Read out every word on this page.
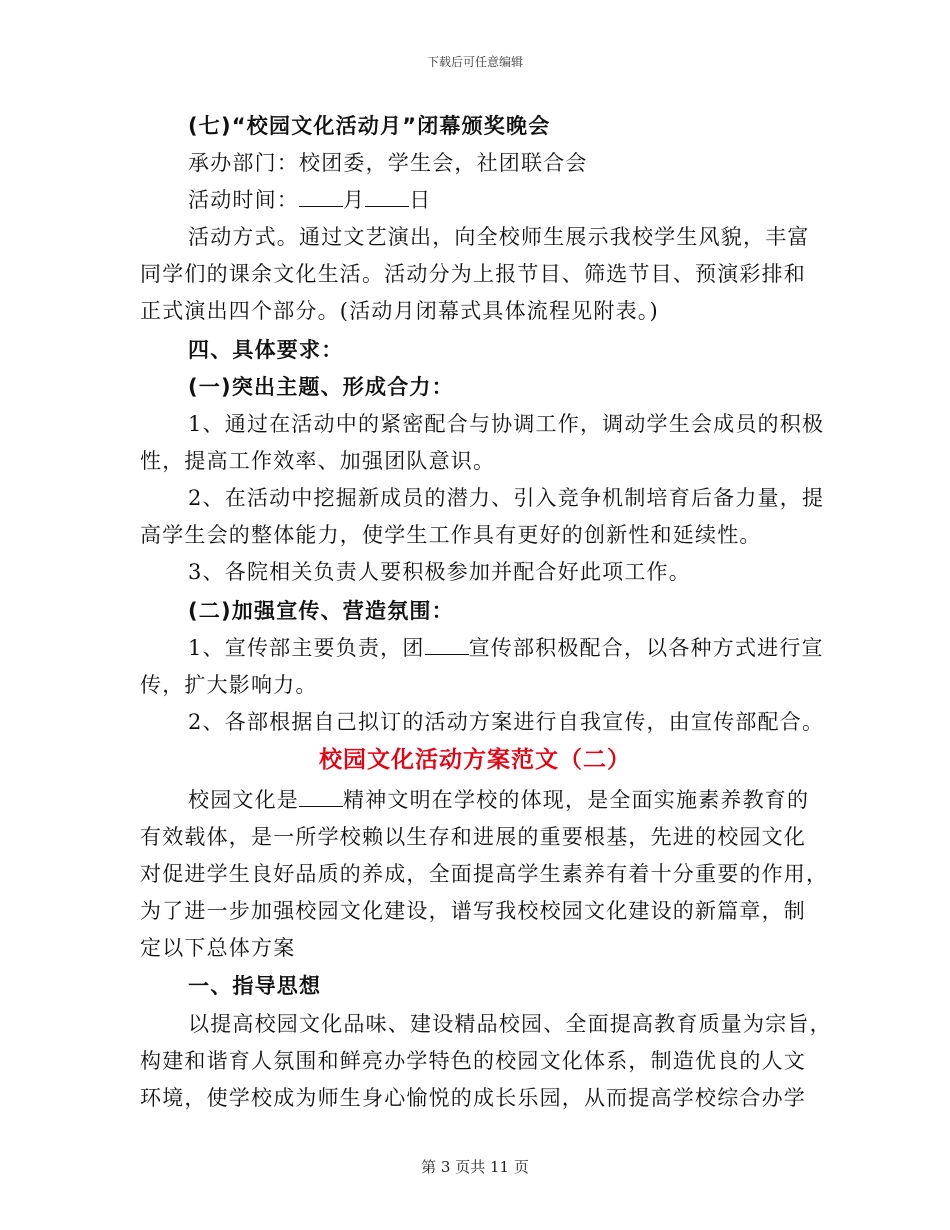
下载后可任意编辑
(七)“校园文化活动月”闭幕颁奖晚会
承办部门：校团委，学生会，社团联合会
活动时间： 月 日
活动方式。通过文艺演出，向全校师生展示我校学生风貌，丰富
同学们的课余文化生活。活动分为上报节目、筛选节目、预演彩排和
正式演出四个部分。(活动月闭幕式具体流程见附表。)
四、具体要求：
(一)突出主题、形成合力：
1、通过在活动中的紧密配合与协调工作，调动学生会成员的积极
性，提高工作效率、加强团队意识。
2、在活动中挖掘新成员的潜力、引入竞争机制培育后备力量，提
高学生会的整体能力，使学生工作具有更好的创新性和延续性。
3、各院相关负责人要积极参加并配合好此项工作。
(二)加强宣传、营造氛围：
1、宣传部主要负责，团 宣传部积极配合，以各种方式进行宣
传，扩大影响力。
2、各部根据自己拟订的活动方案进行自我宣传，由宣传部配合。
校园文化活动方案范文（二）
校园文化是 精神文明在学校的体现，是全面实施素养教育的
有效载体，是一所学校赖以生存和进展的重要根基，先进的校园文化
对促进学生良好品质的养成，全面提高学生素养有着十分重要的作用，
为了进一步加强校园文化建设，谱写我校校园文化建设的新篇章，制
定以下总体方案
一、指导思想
以提高校园文化品味、建设精品校园、全面提高教育质量为宗旨，
构建和谐育人氛围和鲜亮办学特色的校园文化体系，制造优良的人文
环境，使学校成为师生身心愉悦的成长乐园，从而提高学校综合办学
第 3 页共 11 页
